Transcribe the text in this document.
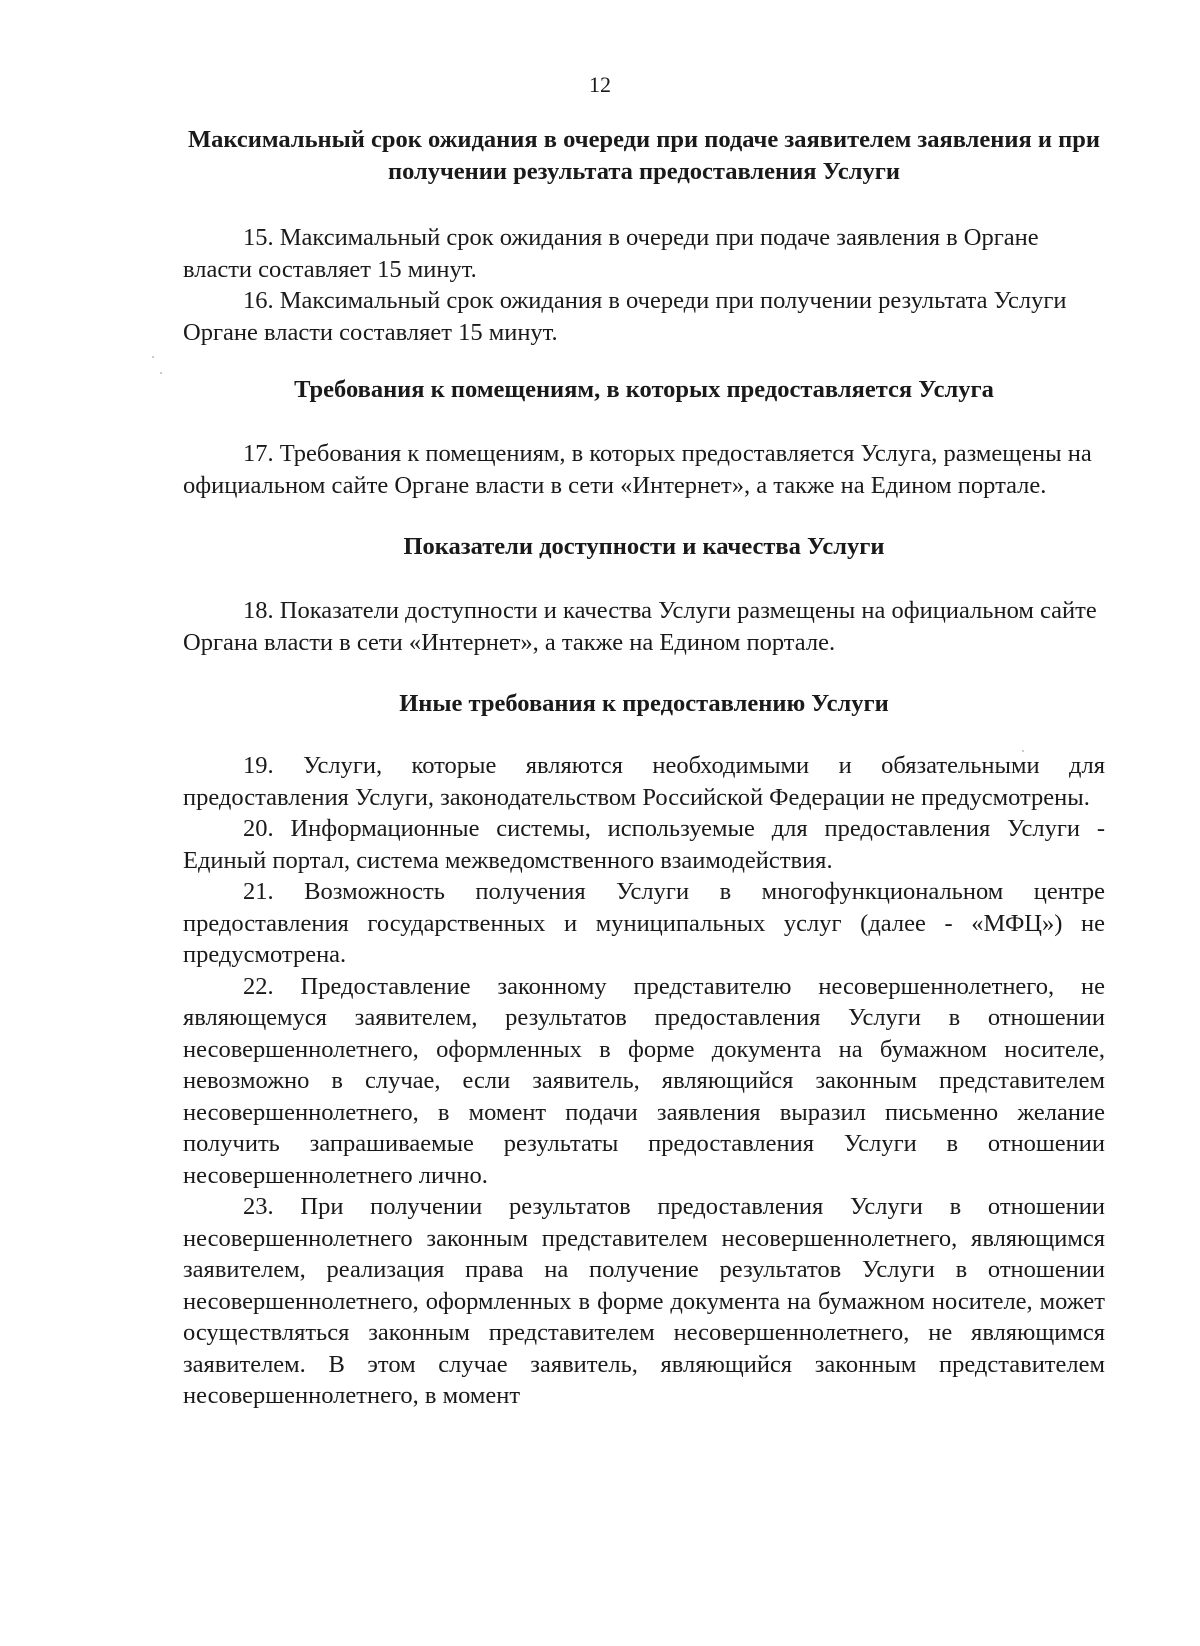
12
Максимальный срок ожидания в очереди при подаче заявителем заявления и при получении результата предоставления Услуги

15. Максимальный срок ожидания в очереди при подаче заявления в Органе власти составляет 15 минут.

16. Максимальный срок ожидания в очереди при получении результата Услуги Органе власти составляет 15 минут.

Требования к помещениям, в которых предоставляется Услуга

17. Требования к помещениям, в которых предоставляется Услуга, размещены на официальном сайте Органе власти в сети «Интернет», а также на Едином портале.

Показатели доступности и качества Услуги

18. Показатели доступности и качества Услуги размещены на официальном сайте Органа власти в сети «Интернет», а также на Едином портале.

Иные требования к предоставлению Услуги

19. Услуги, которые являются необходимыми и обязательными для предоставления Услуги, законодательством Российской Федерации не предусмотрены.

20. Информационные системы, используемые для предоставления Услуги - Единый портал, система межведомственного взаимодействия.

21. Возможность получения Услуги в многофункциональном центре предоставления государственных и муниципальных услуг (далее - «МФЦ») не предусмотрена.

22. Предоставление законному представителю несовершеннолетнего, не являющемуся заявителем, результатов предоставления Услуги в отношении несовершеннолетнего, оформленных в форме документа на бумажном носителе, невозможно в случае, если заявитель, являющийся законным представителем несовершеннолетнего, в момент подачи заявления выразил письменно желание получить запрашиваемые результаты предоставления Услуги в отношении несовершеннолетнего лично.

23. При получении результатов предоставления Услуги в отношении несовершеннолетнего законным представителем несовершеннолетнего, являющимся заявителем, реализация права на получение результатов Услуги в отношении несовершеннолетнего, оформленных в форме документа на бумажном носителе, может осуществляться законным представителем несовершеннолетнего, не являющимся заявителем. В этом случае заявитель, являющийся законным представителем несовершеннолетнего, в момент
